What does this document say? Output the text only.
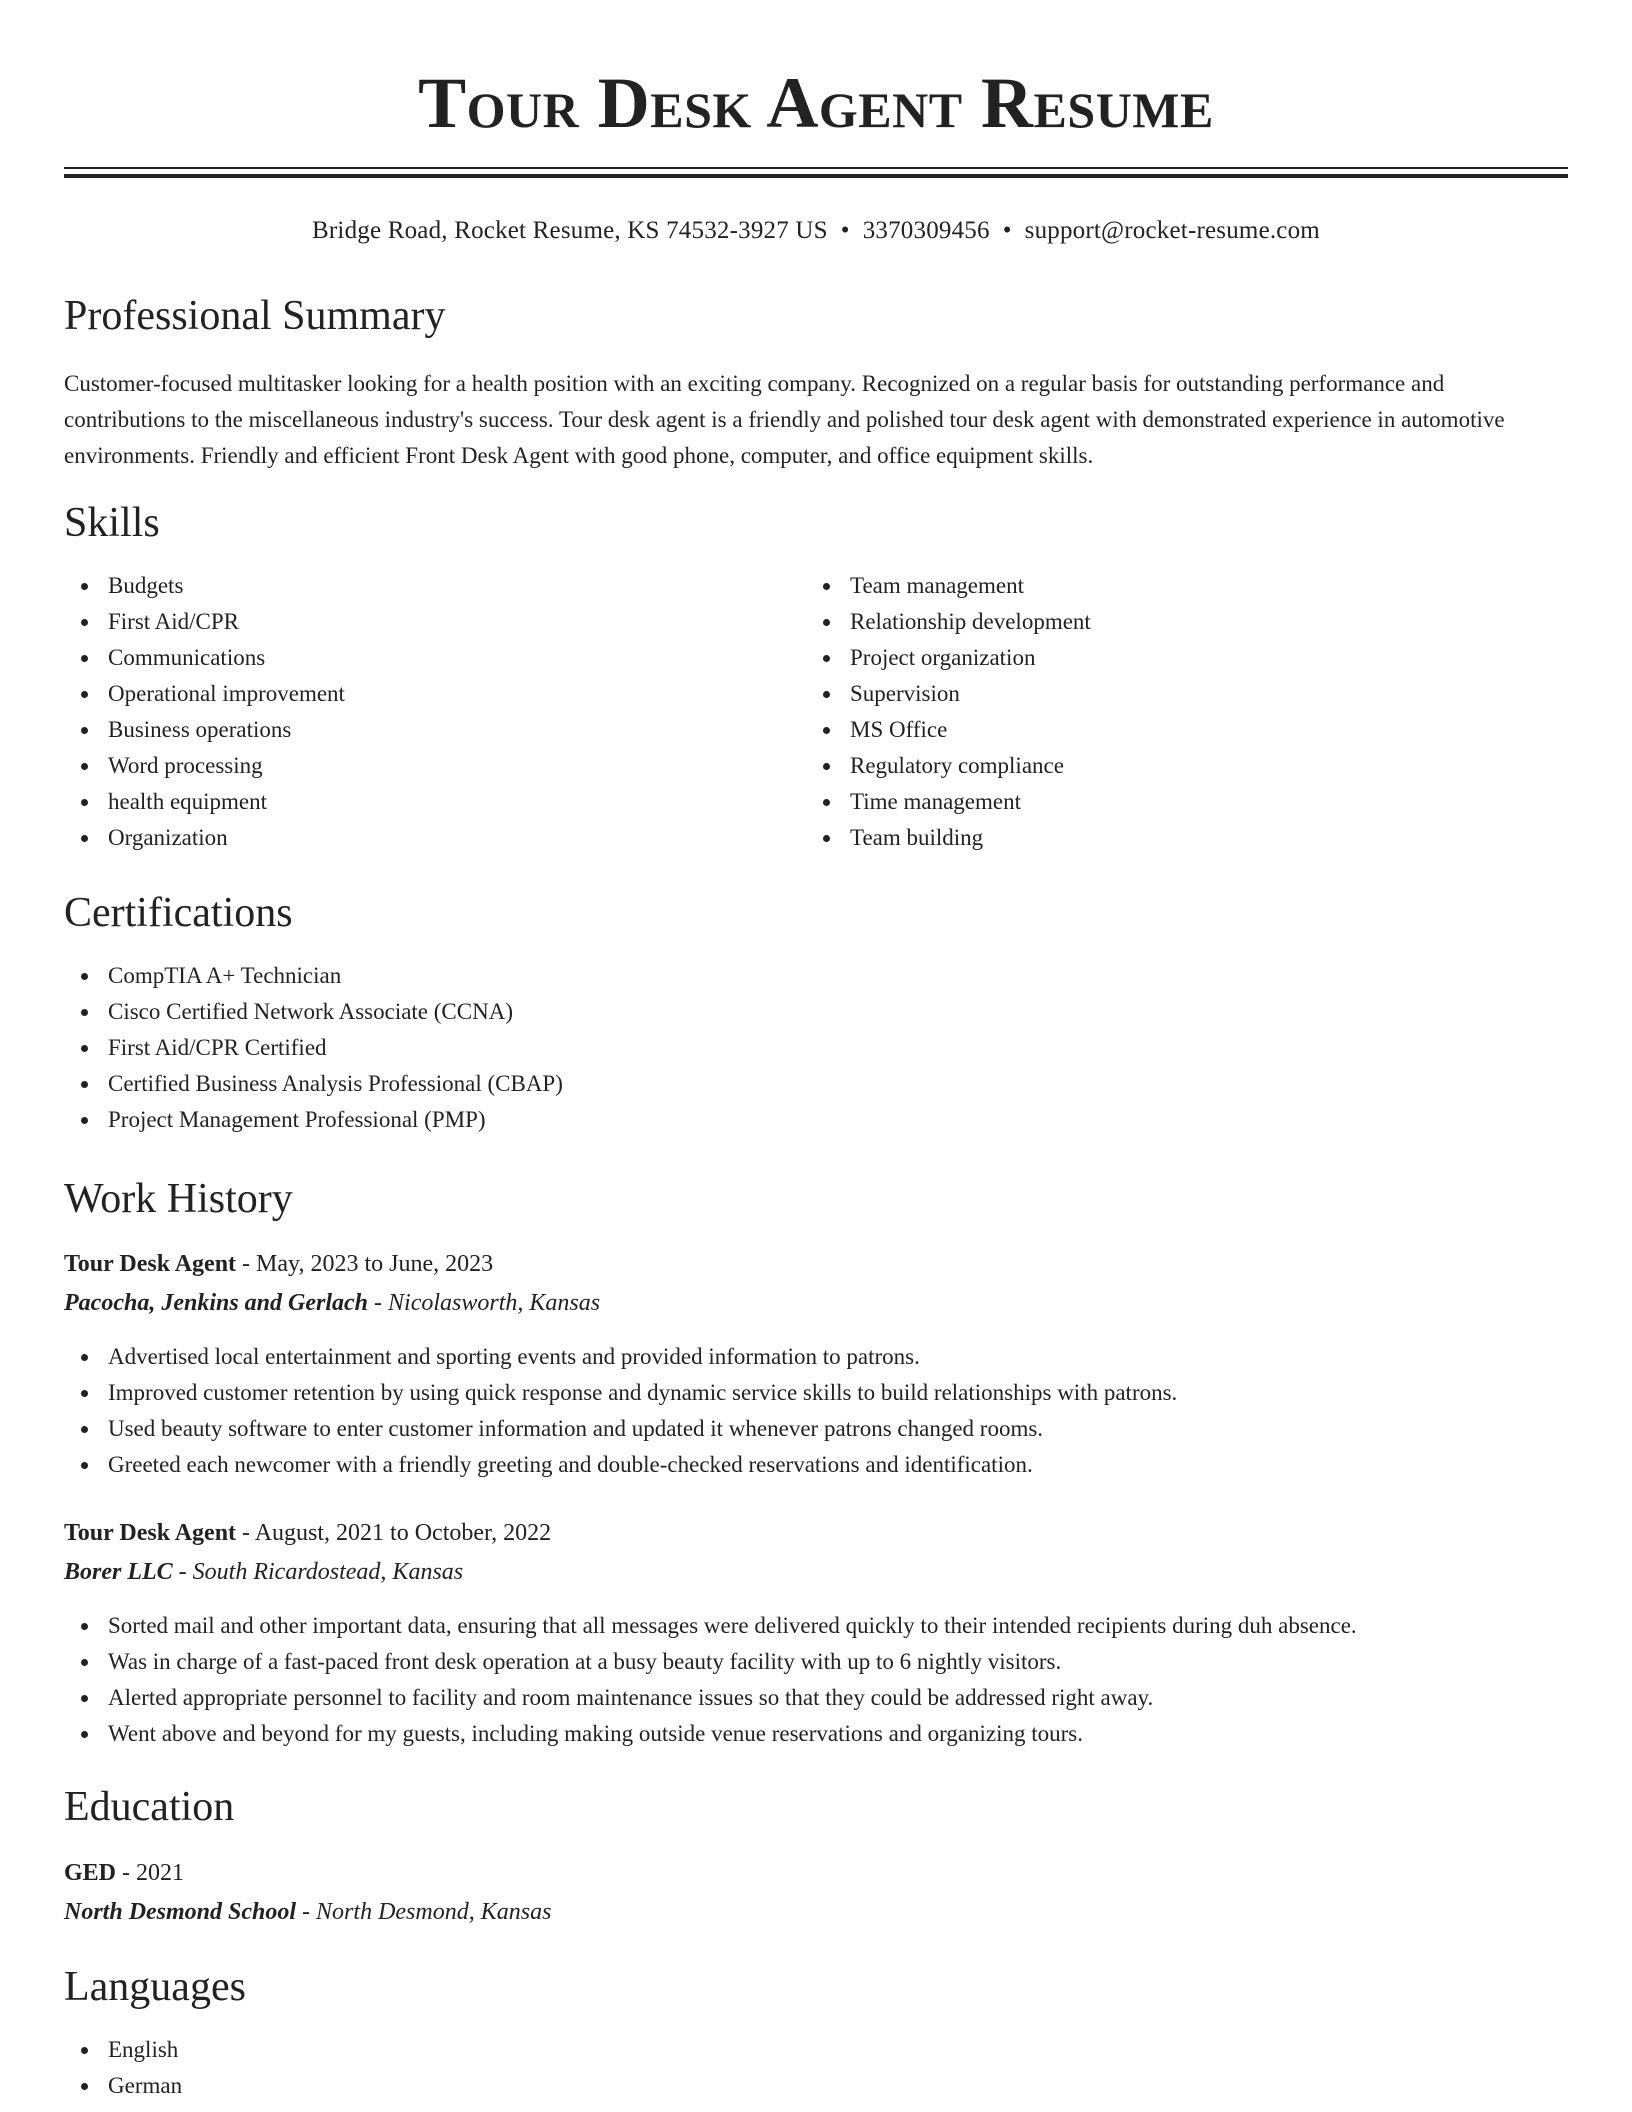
Tour Desk Agent Resume
Bridge Road, Rocket Resume, KS 74532-3927 US • 3370309456 • support@rocket-resume.com
Professional Summary

Customer-focused multitasker looking for a health position with an exciting company. Recognized on a regular basis for outstanding performance and contributions to the miscellaneous industry's success. Tour desk agent is a friendly and polished tour desk agent with demonstrated experience in automotive environments. Friendly and efficient Front Desk Agent with good phone, computer, and office equipment skills.

Skills
Budgets
First Aid/CPR
Communications
Operational improvement
Business operations
Word processing
health equipment
Organization
Team management
Relationship development
Project organization
Supervision
MS Office
Regulatory compliance
Time management
Team building
Certifications
CompTIA A+ Technician
Cisco Certified Network Associate (CCNA)
First Aid/CPR Certified
Certified Business Analysis Professional (CBAP)
Project Management Professional (PMP)
Work History
Tour Desk Agent - May, 2023 to June, 2023
Pacocha, Jenkins and Gerlach - Nicolasworth, Kansas
Advertised local entertainment and sporting events and provided information to patrons.
Improved customer retention by using quick response and dynamic service skills to build relationships with patrons.
Used beauty software to enter customer information and updated it whenever patrons changed rooms.
Greeted each newcomer with a friendly greeting and double-checked reservations and identification.
Tour Desk Agent - August, 2021 to October, 2022
Borer LLC - South Ricardostead, Kansas
Sorted mail and other important data, ensuring that all messages were delivered quickly to their intended recipients during duh absence.
Was in charge of a fast-paced front desk operation at a busy beauty facility with up to 6 nightly visitors.
Alerted appropriate personnel to facility and room maintenance issues so that they could be addressed right away.
Went above and beyond for my guests, including making outside venue reservations and organizing tours.
Education
GED - 2021
North Desmond School - North Desmond, Kansas
Languages
English
German
